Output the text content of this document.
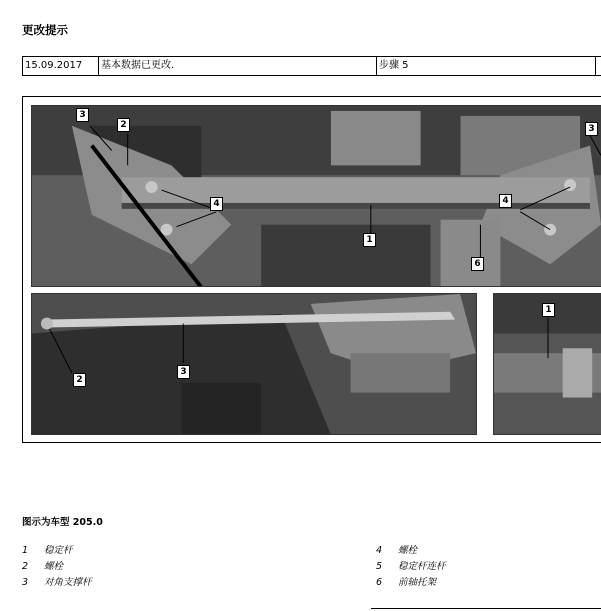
更改提示
15.09.2017	基本数据已更改.	步骤 5
3
2
4
1
6
4
3
2
3
1
图示为车型 205.0
1 稳定杆
2 螺栓
3 对角支撑杆
4 螺栓
5 稳定杆连杆
6 前轴托架
